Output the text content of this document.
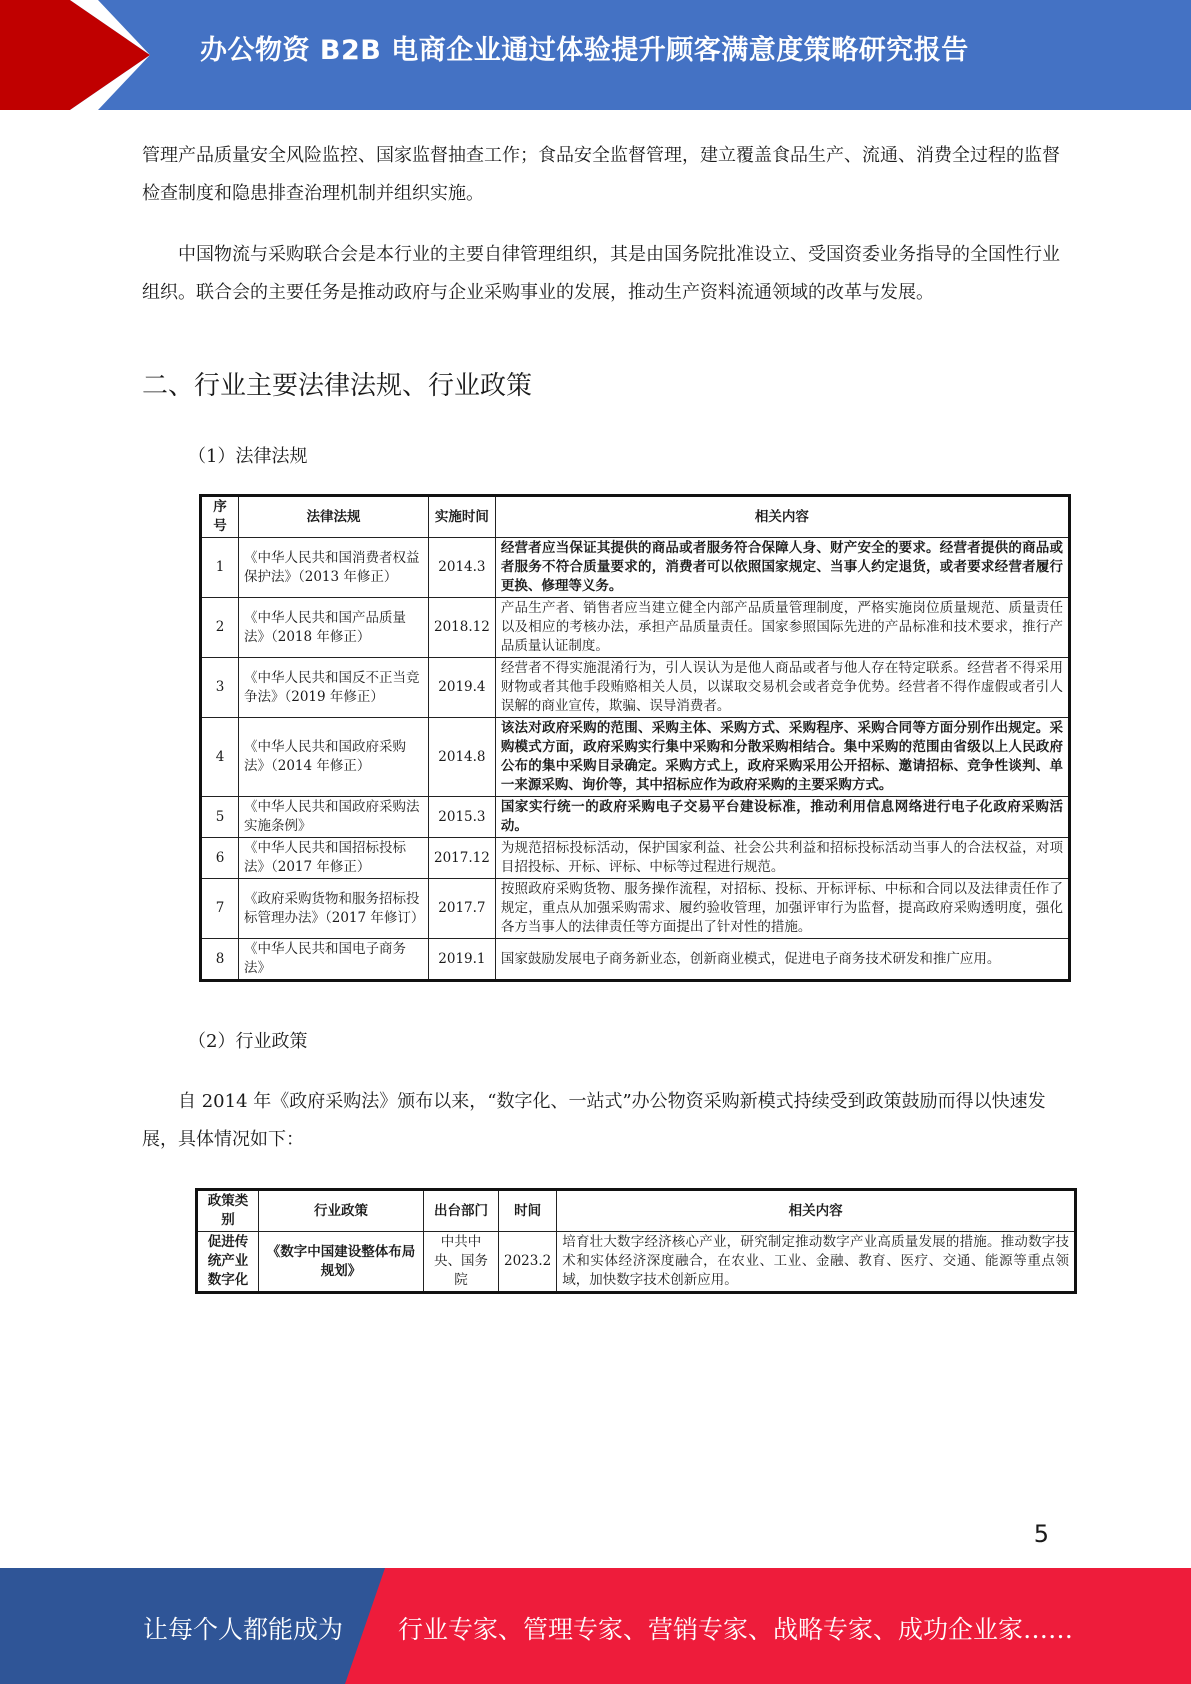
办公物资 B2B 电商企业通过体验提升顾客满意度策略研究报告

管理产品质量安全风险监控、国家监督抽查工作；食品安全监督管理，建立覆盖食品生产、流通、消费全过程的监督检查制度和隐患排查治理机制并组织实施。

中国物流与采购联合会是本行业的主要自律管理组织，其是由国务院批准设立、受国资委业务指导的全国性行业组织。联合会的主要任务是推动政府与企业采购事业的发展，推动生产资料流通领域的改革与发展。

二、行业主要法律法规、行业政策

（1）法律法规

序号	法律法规	实施时间	相关内容
1	《中华人民共和国消费者权益保护法》（2013 年修正）	2014.3	经营者应当保证其提供的商品或者服务符合保障人身、财产安全的要求。经营者提供的商品或者服务不符合质量要求的，消费者可以依照国家规定、当事人约定退货，或者要求经营者履行更换、修理等义务。
2	《中华人民共和国产品质量法》（2018 年修正）	2018.12	产品生产者、销售者应当建立健全内部产品质量管理制度，严格实施岗位质量规范、质量责任以及相应的考核办法，承担产品质量责任。国家参照国际先进的产品标准和技术要求，推行产品质量认证制度。
3	《中华人民共和国反不正当竞争法》（2019 年修正）	2019.4	经营者不得实施混淆行为，引人误认为是他人商品或者与他人存在特定联系。经营者不得采用财物或者其他手段贿赂相关人员，以谋取交易机会或者竞争优势。经营者不得作虚假或者引人误解的商业宣传，欺骗、误导消费者。
4	《中华人民共和国政府采购法》（2014 年修正）	2014.8	该法对政府采购的范围、采购主体、采购方式、采购程序、采购合同等方面分别作出规定。采购模式方面，政府采购实行集中采购和分散采购相结合。集中采购的范围由省级以上人民政府公布的集中采购目录确定。采购方式上，政府采购采用公开招标、邀请招标、竞争性谈判、单一来源采购、询价等，其中招标应作为政府采购的主要采购方式。
5	《中华人民共和国政府采购法实施条例》	2015.3	国家实行统一的政府采购电子交易平台建设标准，推动利用信息网络进行电子化政府采购活动。
6	《中华人民共和国招标投标法》（2017 年修正）	2017.12	为规范招标投标活动，保护国家利益、社会公共利益和招标投标活动当事人的合法权益，对项目招投标、开标、评标、中标等过程进行规范。
7	《政府采购货物和服务招标投标管理办法》（2017 年修订）	2017.7	按照政府采购货物、服务操作流程，对招标、投标、开标评标、中标和合同以及法律责任作了规定，重点从加强采购需求、履约验收管理，加强评审行为监督，提高政府采购透明度，强化各方当事人的法律责任等方面提出了针对性的措施。
8	《中华人民共和国电子商务法》	2019.1	国家鼓励发展电子商务新业态，创新商业模式，促进电子商务技术研发和推广应用。

（2）行业政策

自 2014 年《政府采购法》颁布以来，“数字化、一站式”办公物资采购新模式持续受到政策鼓励而得以快速发展，具体情况如下：

政策类别	行业政策	出台部门	时间	相关内容
促进传统产业数字化	《数字中国建设整体布局规划》	中共中央、国务院	2023.2	培育壮大数字经济核心产业，研究制定推动数字产业高质量发展的措施。推动数字技术和实体经济深度融合，在农业、工业、金融、教育、医疗、交通、能源等重点领域，加快数字技术创新应用。
5
让每个人都能成为 行业专家、管理专家、营销专家、战略专家、成功企业家……
